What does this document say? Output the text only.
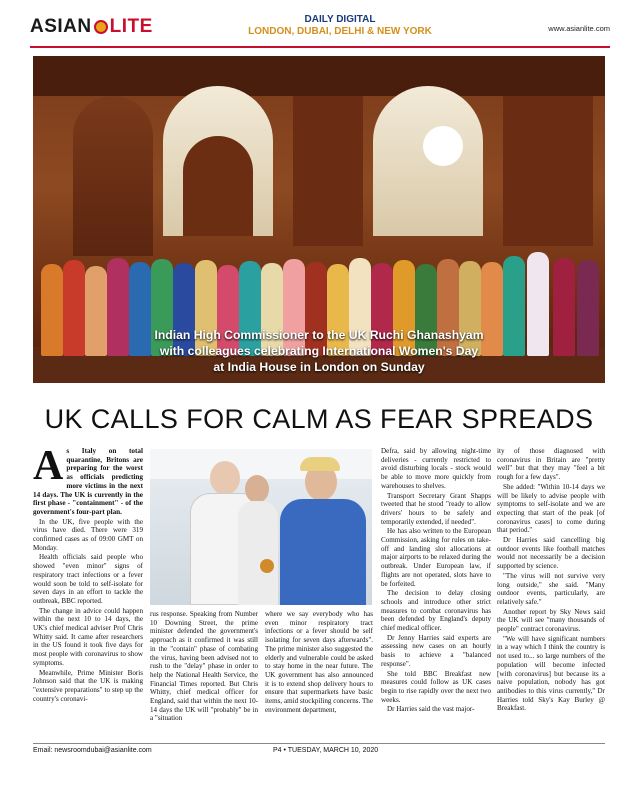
ASIAN LITE	DAILY DIGITAL
LONDON, DUBAI, DELHI & NEW YORK	www.asianlite.com
Indian High Commissioner to the UK Ruchi Ghanashyam
with colleagues celebrating International Women's Day
at India House in London on Sunday
UK CALLS FOR CALM AS FEAR SPREADS
A s Italy on total quarantine, Britons are preparing for the worst as officials predicting more victims in the next 14 days. The UK is currently in the first phase - "containment" - of the government's four-part plan.

In the UK, five people with the virus have died. There were 319 confirmed cases as of 09:00 GMT on Monday.

Health officials said people who showed "even minor" signs of respiratory tract infections or a fever would soon be told to self-isolate for seven days in an effort to tackle the outbreak, BBC reported.

The change in advice could happen within the next 10 to 14 days, the UK's chief medical adviser Prof Chris Whitty said. It came after researchers in the US found it took five days for most people with coronavirus to show symptoms.

Meanwhile, Prime Minister Boris Johnson said that the UK is making "extensive preparations" to step up the country's coronavi-

rus response. Speaking from Number 10 Downing Street, the prime minister defended the government's approach as it confirmed it was still in the "contain" phase of combating the virus, having been advised not to rush to the "delay" phase in order to help the National Health Service, the Financial Times reported. But Chris Whitty, chief medical officer for England, said that within the next 10-14 days the UK will "probably" be in a "situation

where we say everybody who has even minor respiratory tract infections or a fever should be self isolating for seven days afterwards". The prime minister also suggested the elderly and vulnerable could be asked to stay home in the near future. The UK government has also announced it is to extend shop delivery hours to ensure that supermarkets have basic items, amid stockpiling concerns. The environment department,

Defra, said by allowing night-time deliveries - currently restricted to avoid disturbing locals - stock would be able to move more quickly from warehouses to shelves.

Transport Secretary Grant Shapps tweeted that he stood "ready to allow drivers' hours to be safely and temporarily extended, if needed".

He has also written to the European Commission, asking for rules on take-off and landing slot allocations at major airports to be relaxed during the outbreak. Under European law, if flights are not operated, slots have to be forfeited.

The decision to delay closing schools and introduce other strict measures to combat coronavirus has been defended by England's deputy chief medical officer.

Dr Jenny Harries said experts are assessing new cases on an hourly basis to achieve a "balanced response".

She told BBC Breakfast new measures could follow as UK cases begin to rise rapidly over the next two weeks.

Dr Harries said the vast major-

ity of those diagnosed with coronavirus in Britain are "pretty well" but that they may "feel a bit rough for a few days".

She added: "Within 10-14 days we will be likely to advise people with symptoms to self-isolate and we are expecting that start of the peak [of coronavirus cases] to come during that period."

Dr Harries said cancelling big outdoor events like football matches would not necessarily be a decision supported by science.

"The virus will not survive very long outside," she said. "Many outdoor events, particularly, are relatively safe."

Another report by Sky News said the UK will see "many thousands of people" contract coronavirus.

"We will have significant numbers in a way which I think the country is not used to... so large numbers of the population will become infected [with coronavirus] but because its a naive population, nobody has got antibodies to this virus currently," Dr Harries told Sky's Kay Burley @ Breakfast.

Email: newsroomdubai@asianlite.com	P4 • TUESDAY, MARCH 10, 2020
